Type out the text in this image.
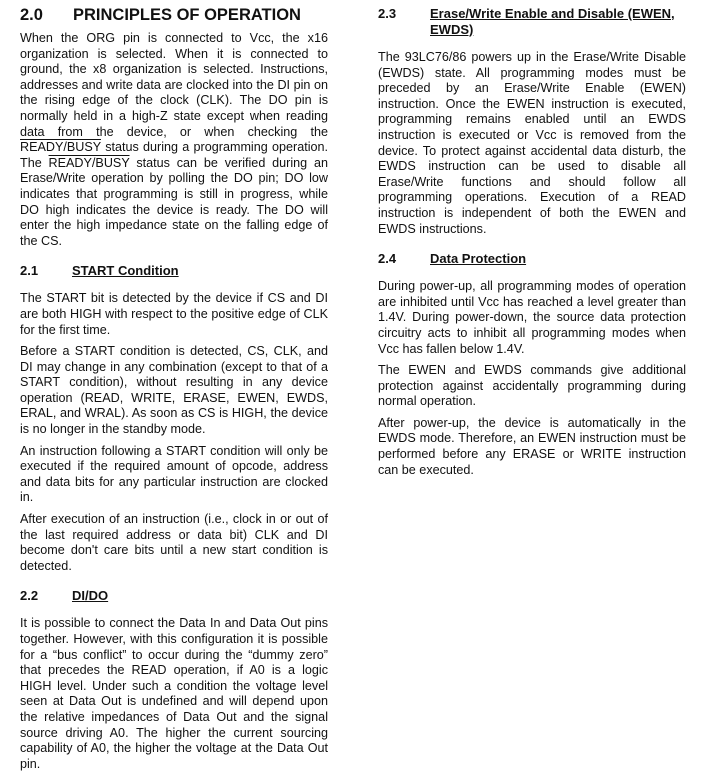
2.0	PRINCIPLES OF OPERATION

When the ORG pin is connected to Vcc, the x16 organization is selected. When it is connected to ground, the x8 organization is selected. Instructions, addresses and write data are clocked into the DI pin on the rising edge of the clock (CLK). The DO pin is normally held in a high-Z state except when reading data from the device, or when checking the READY/BUSY status during a programming operation. The READY/BUSY status can be verified during an Erase/Write operation by polling the DO pin; DO low indicates that programming is still in progress, while DO high indicates the device is ready. The DO will enter the high impedance state on the falling edge of the CS.

2.1	START Condition

The START bit is detected by the device if CS and DI are both HIGH with respect to the positive edge of CLK for the first time.

Before a START condition is detected, CS, CLK, and DI may change in any combination (except to that of a START condition), without resulting in any device operation (READ, WRITE, ERASE, EWEN, EWDS, ERAL, and WRAL). As soon as CS is HIGH, the device is no longer in the standby mode.

An instruction following a START condition will only be executed if the required amount of opcode, address and data bits for any particular instruction are clocked in.

After execution of an instruction (i.e., clock in or out of the last required address or data bit) CLK and DI become don't care bits until a new start condition is detected.

2.2	DI/DO

It is possible to connect the Data In and Data Out pins together. However, with this configuration it is possible for a “bus conflict” to occur during the “dummy zero” that precedes the READ operation, if A0 is a logic HIGH level. Under such a condition the voltage level seen at Data Out is undefined and will depend upon the relative impedances of Data Out and the signal source driving A0. The higher the current sourcing capability of A0, the higher the voltage at the Data Out pin.

2.3	Erase/Write Enable and Disable (EWEN, EWDS)

The 93LC76/86 powers up in the Erase/Write Disable (EWDS) state. All programming modes must be preceded by an Erase/Write Enable (EWEN) instruction. Once the EWEN instruction is executed, programming remains enabled until an EWDS instruction is executed or Vcc is removed from the device. To protect against accidental data disturb, the EWDS instruction can be used to disable all Erase/Write functions and should follow all programming operations. Execution of a READ instruction is independent of both the EWEN and EWDS instructions.

2.4	Data Protection

During power-up, all programming modes of operation are inhibited until Vcc has reached a level greater than 1.4V. During power-down, the source data protection circuitry acts to inhibit all programming modes when Vcc has fallen below 1.4V.

The EWEN and EWDS commands give additional protection against accidentally programming during normal operation.

After power-up, the device is automatically in the EWDS mode. Therefore, an EWEN instruction must be performed before any ERASE or WRITE instruction can be executed.
